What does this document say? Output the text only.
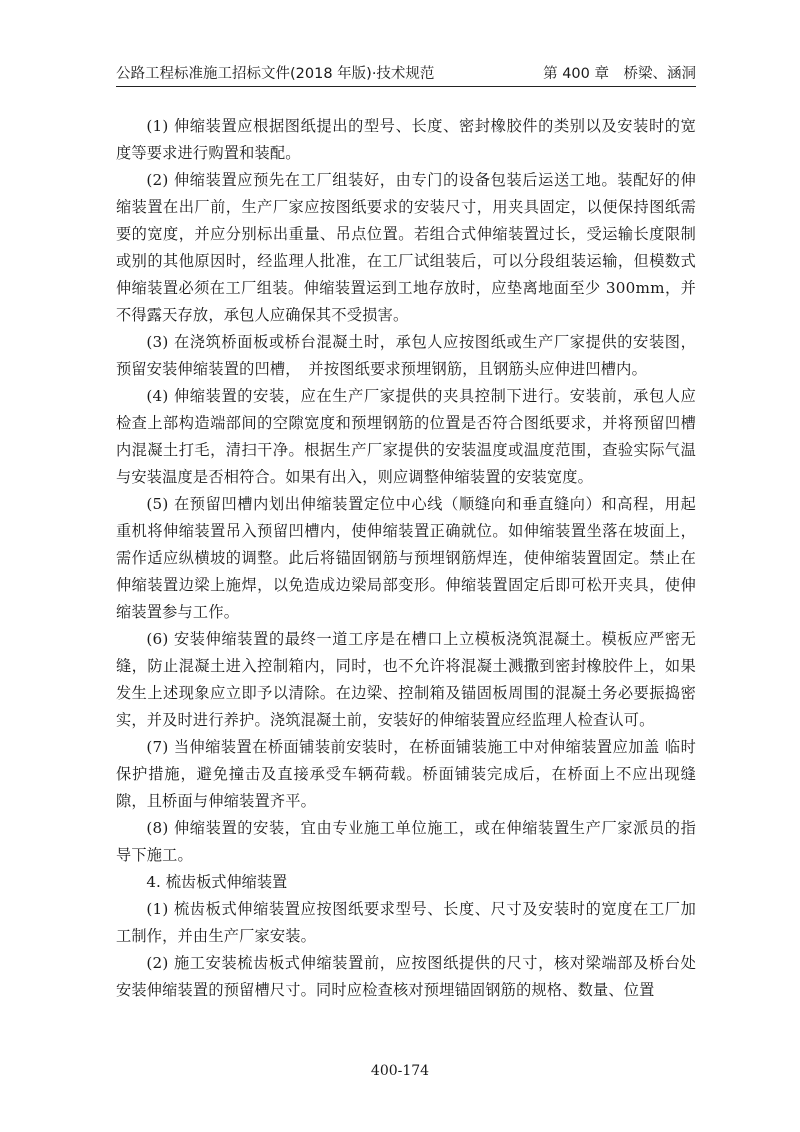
公路工程标准施工招标文件(2018 年版)·技术规范	第 400 章　桥梁、涵洞

(1) 伸缩装置应根据图纸提出的型号、长度、密封橡胶件的类别以及安装时的宽度等要求进行购置和装配。

(2) 伸缩装置应预先在工厂组装好，由专门的设备包装后运送工地。装配好的伸缩装置在出厂前，生产厂家应按图纸要求的安装尺寸，用夹具固定，以便保持图纸需要的宽度，并应分别标出重量、吊点位置。若组合式伸缩装置过长，受运输长度限制或别的其他原因时，经监理人批准，在工厂试组装后，可以分段组装运输，但模数式伸缩装置必须在工厂组装。伸缩装置运到工地存放时，应垫离地面至少 300mm，并不得露天存放，承包人应确保其不受损害。

(3) 在浇筑桥面板或桥台混凝土时，承包人应按图纸或生产厂家提供的安装图，预留安装伸缩装置的凹槽，　并按图纸要求预埋钢筋，且钢筋头应伸进凹槽内。

(4) 伸缩装置的安装，应在生产厂家提供的夹具控制下进行。安装前，承包人应检查上部构造端部间的空隙宽度和预埋钢筋的位置是否符合图纸要求，并将预留凹槽内混凝土打毛，清扫干净。根据生产厂家提供的安装温度或温度范围，查验实际气温与安装温度是否相符合。如果有出入，则应调整伸缩装置的安装宽度。

(5) 在预留凹槽内划出伸缩装置定位中心线（顺缝向和垂直缝向）和高程，用起重机将伸缩装置吊入预留凹槽内，使伸缩装置正确就位。如伸缩装置坐落在坡面上，需作适应纵横坡的调整。此后将锚固钢筋与预埋钢筋焊连，使伸缩装置固定。禁止在伸缩装置边梁上施焊，以免造成边梁局部变形。伸缩装置固定后即可松开夹具，使伸缩装置参与工作。

(6) 安装伸缩装置的最终一道工序是在槽口上立模板浇筑混凝土。模板应严密无缝，防止混凝土进入控制箱内，同时，也不允许将混凝土溅撒到密封橡胶件上，如果发生上述现象应立即予以清除。在边梁、控制箱及锚固板周围的混凝土务必要振捣密实，并及时进行养护。浇筑混凝土前，安装好的伸缩装置应经监理人检查认可。

(7) 当伸缩装置在桥面铺装前安装时，在桥面铺装施工中对伸缩装置应加盖 临时保护措施，避免撞击及直接承受车辆荷载。桥面铺装完成后，在桥面上不应出现缝隙，且桥面与伸缩装置齐平。

(8) 伸缩装置的安装，宜由专业施工单位施工，或在伸缩装置生产厂家派员的指导下施工。

4. 梳齿板式伸缩装置

(1) 梳齿板式伸缩装置应按图纸要求型号、长度、尺寸及安装时的宽度在工厂加工制作，并由生产厂家安装。

(2) 施工安装梳齿板式伸缩装置前，应按图纸提供的尺寸，核对梁端部及桥台处安装伸缩装置的预留槽尺寸。同时应检查核对预埋锚固钢筋的规格、数量、位置

400-174
